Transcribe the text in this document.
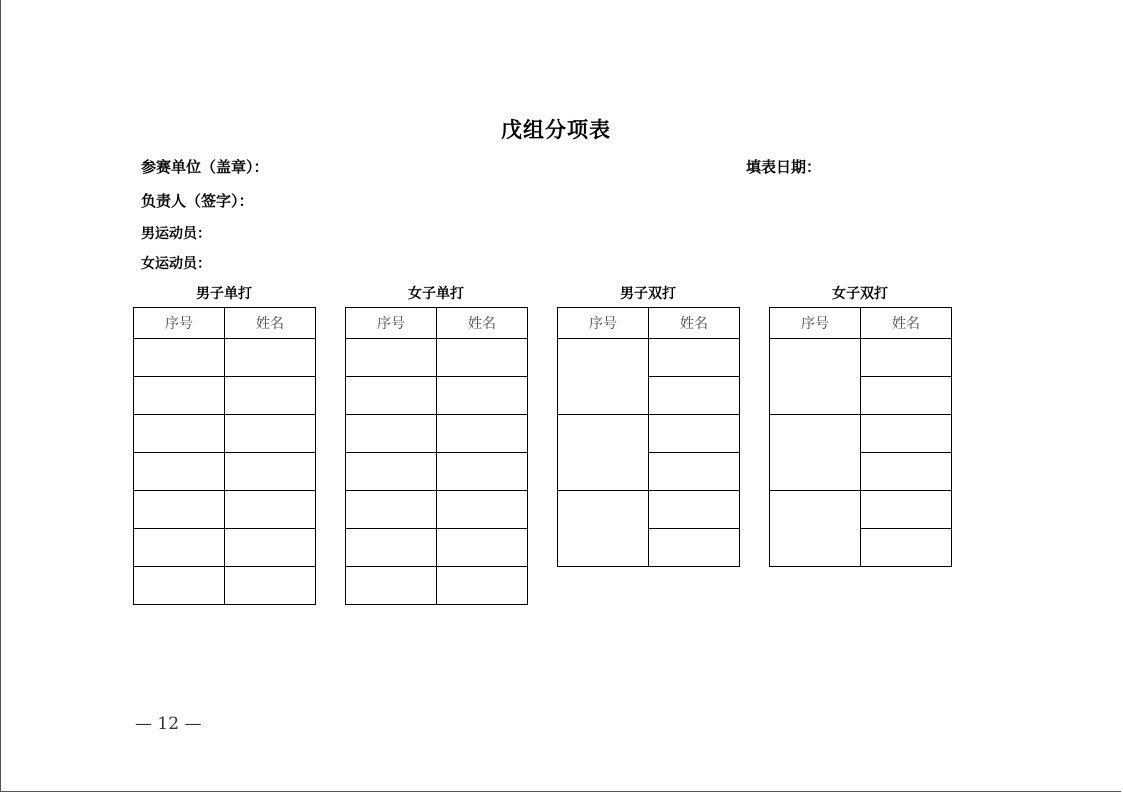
戊组分项表
参赛单位（盖章）：	填表日期：
负责人（签字）：
男运动员：
女运动员：
男子单打
序号	姓名

女子单打
序号	姓名

男子双打
序号	姓名

女子双打
序号	姓名

— 12 —
